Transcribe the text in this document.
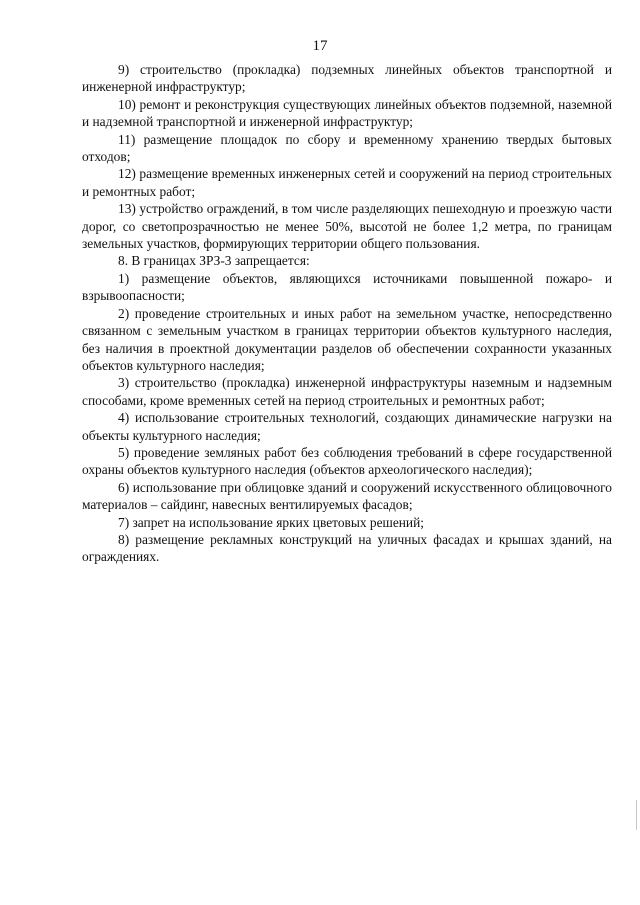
17

9) строительство (прокладка) подземных линейных объектов транспортной и инженерной инфраструктур;

10) ремонт и реконструкция существующих линейных объектов подземной, наземной и надземной транспортной и инженерной инфраструктур;

11) размещение площадок по сбору и временному хранению твердых бытовых отходов;

12) размещение временных инженерных сетей и сооружений на период строительных и ремонтных работ;

13) устройство ограждений, в том числе разделяющих пешеходную и проезжую части дорог, со светопрозрачностью не менее 50%, высотой не более 1,2 метра, по границам земельных участков, формирующих территории общего пользования.

8. В границах ЗРЗ-3 запрещается:

1) размещение объектов, являющихся источниками повышенной пожаро- и взрывоопасности;

2) проведение строительных и иных работ на земельном участке, непосредственно связанном с земельным участком в границах территории объектов культурного наследия, без наличия в проектной документации разделов об обеспечении сохранности указанных объектов культурного наследия;

3) строительство (прокладка) инженерной инфраструктуры наземным и надземным способами, кроме временных сетей на период строительных и ремонтных работ;

4) использование строительных технологий, создающих динамические нагрузки на объекты культурного наследия;

5) проведение земляных работ без соблюдения требований в сфере государственной охраны объектов культурного наследия (объектов археологического наследия);

6) использование при облицовке зданий и сооружений искусственного облицовочного материалов – сайдинг, навесных вентилируемых фасадов;

7) запрет на использование ярких цветовых решений;

8) размещение рекламных конструкций на уличных фасадах и крышах зданий, на ограждениях.
